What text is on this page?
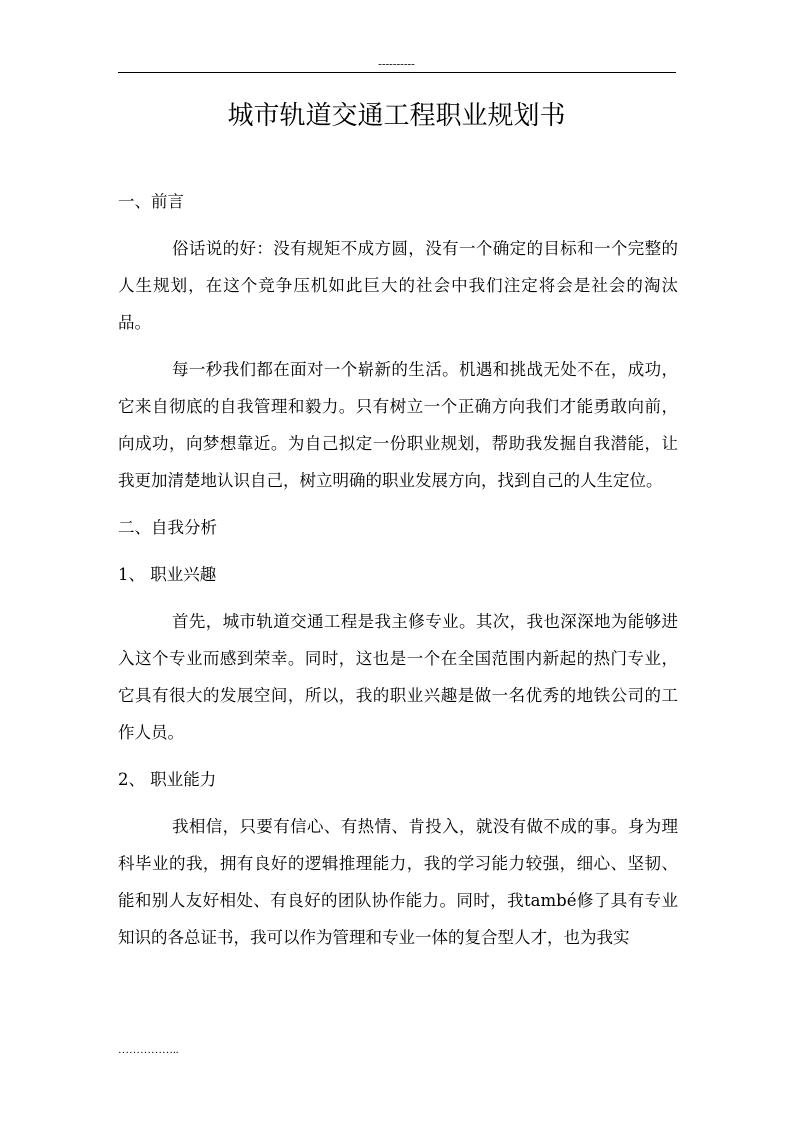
----------
城市轨道交通工程职业规划书

一、前言

俗话说的好：没有规矩不成方圆，没有一个确定的目标和一个完整的人生规划，在这个竞争压机如此巨大的社会中我们注定将会是社会的淘汰品。

每一秒我们都在面对一个崭新的生活。机遇和挑战无处不在，成功，它来自彻底的自我管理和毅力。只有树立一个正确方向我们才能勇敢向前，向成功，向梦想靠近。为自己拟定一份职业规划，帮助我发掘自我潜能，让我更加清楚地认识自己，树立明确的职业发展方向，找到自己的人生定位。

二、自我分析

1、 职业兴趣

首先，城市轨道交通工程是我主修专业。其次，我也深深地为能够进入这个专业而感到荣幸。同时，这也是一个在全国范围内新起的热门专业，它具有很大的发展空间，所以，我的职业兴趣是做一名优秀的地铁公司的工作人员。

2、 职业能力

我相信，只要有信心、有热情、肯投入，就没有做不成的事。身为理科毕业的我，拥有良好的逻辑推理能力，我的学习能力较强，细心、坚韧、能和别人友好相处、有良好的团队协作能力。同时，我també修了具有专业知识的各总证书，我可以作为管理和专业一体的复合型人才，也为我实

……………..
